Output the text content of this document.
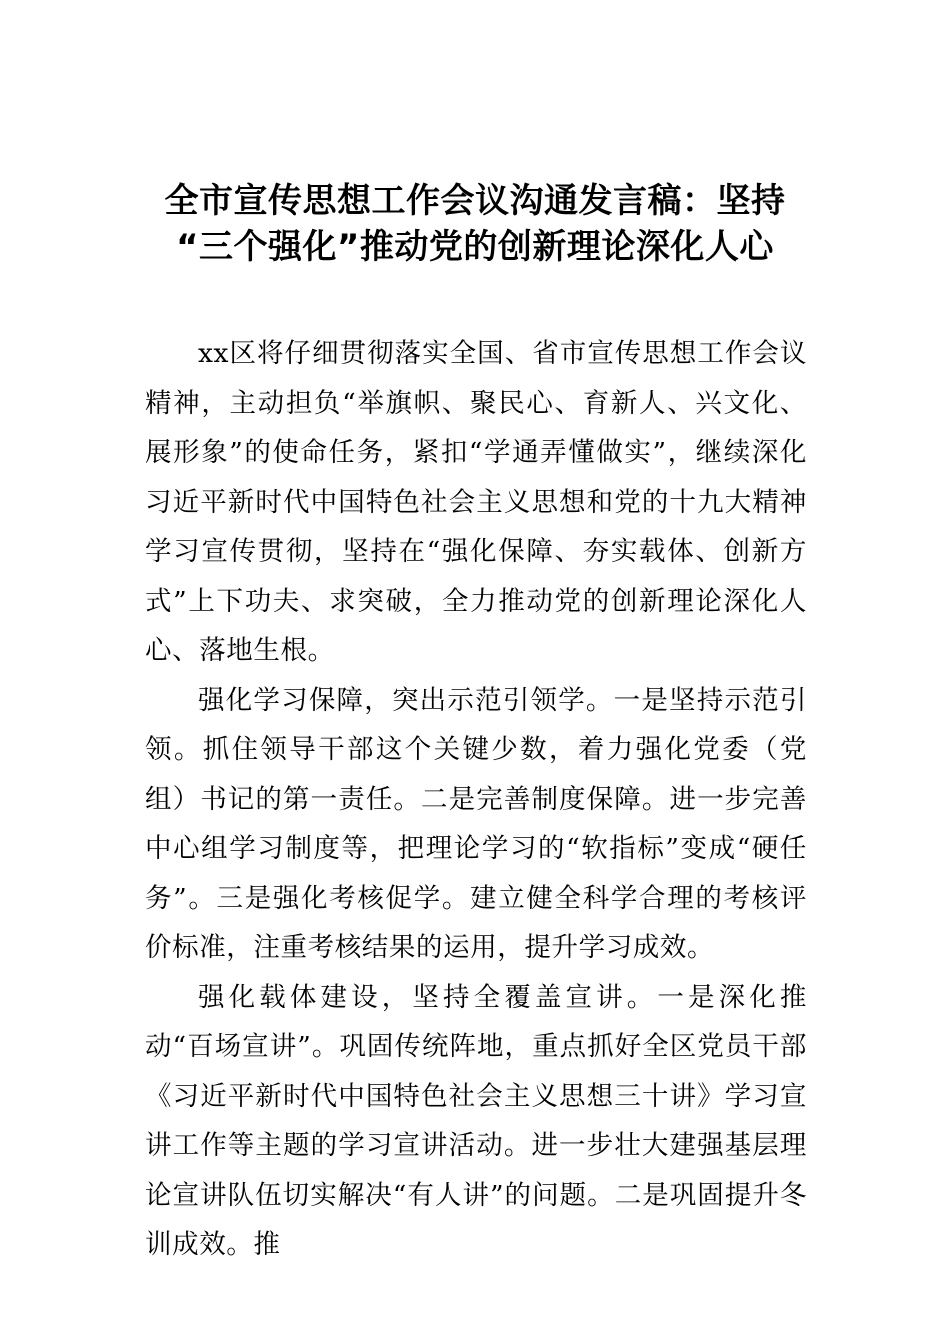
全市宣传思想工作会议沟通发言稿：坚持
“三个强化”推动党的创新理论深化人心

xx区将仔细贯彻落实全国、省市宣传思想工作会议精神，主动担负“举旗帜、聚民心、育新人、兴文化、展形象”的使命任务，紧扣“学通弄懂做实”，继续深化习近平新时代中国特色社会主义思想和党的十九大精神学习宣传贯彻，坚持在“强化保障、夯实载体、创新方式”上下功夫、求突破，全力推动党的创新理论深化人心、落地生根。

强化学习保障，突出示范引领学。一是坚持示范引领。抓住领导干部这个关键少数，着力强化党委（党组）书记的第一责任。二是完善制度保障。进一步完善中心组学习制度等，把理论学习的“软指标”变成“硬任务”。三是强化考核促学。建立健全科学合理的考核评价标准，注重考核结果的运用，提升学习成效。

强化载体建设，坚持全覆盖宣讲。一是深化推动“百场宣讲”。巩固传统阵地，重点抓好全区党员干部《习近平新时代中国特色社会主义思想三十讲》学习宣讲工作等主题的学习宣讲活动。进一步壮大建强基层理论宣讲队伍切实解决“有人讲”的问题。二是巩固提升冬训成效。推
